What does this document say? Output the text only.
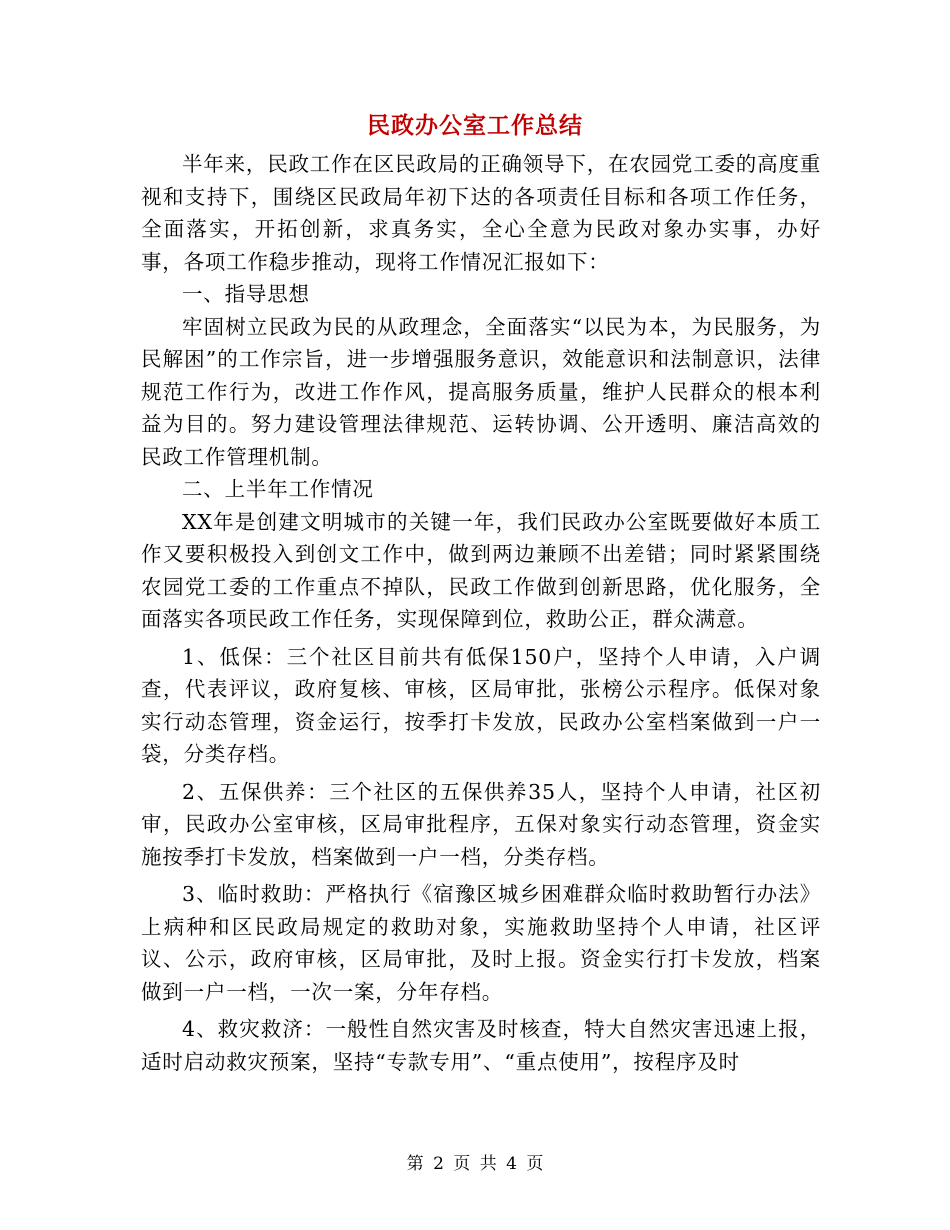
民政办公室工作总结

半年来，民政工作在区民政局的正确领导下，在农园党工委的高度重视和支持下，围绕区民政局年初下达的各项责任目标和各项工作任务，全面落实，开拓创新，求真务实，全心全意为民政对象办实事，办好事，各项工作稳步推动，现将工作情况汇报如下：

一、指导思想

牢固树立民政为民的从政理念，全面落实“以民为本，为民服务，为民解困”的工作宗旨，进一步增强服务意识，效能意识和法制意识，法律规范工作行为，改进工作作风，提高服务质量，维护人民群众的根本利益为目的。努力建设管理法律规范、运转协调、公开透明、廉洁高效的民政工作管理机制。

二、上半年工作情况

XX年是创建文明城市的关键一年，我们民政办公室既要做好本质工作又要积极投入到创文工作中，做到两边兼顾不出差错；同时紧紧围绕农园党工委的工作重点不掉队，民政工作做到创新思路，优化服务，全面落实各项民政工作任务，实现保障到位，救助公正，群众满意。

1、低保：三个社区目前共有低保150户，坚持个人申请，入户调查，代表评议，政府复核、审核，区局审批，张榜公示程序。低保对象实行动态管理，资金运行，按季打卡发放，民政办公室档案做到一户一袋，分类存档。

2、五保供养：三个社区的五保供养35人，坚持个人申请，社区初审，民政办公室审核，区局审批程序，五保对象实行动态管理，资金实施按季打卡发放，档案做到一户一档，分类存档。

3、临时救助：严格执行《宿豫区城乡困难群众临时救助暂行办法》上病种和区民政局规定的救助对象，实施救助坚持个人申请，社区评议、公示，政府审核，区局审批，及时上报。资金实行打卡发放，档案做到一户一档，一次一案，分年存档。

4、救灾救济：一般性自然灾害及时核查，特大自然灾害迅速上报，适时启动救灾预案，坚持“专款专用”、“重点使用”，按程序及时

第 2 页 共 4 页
